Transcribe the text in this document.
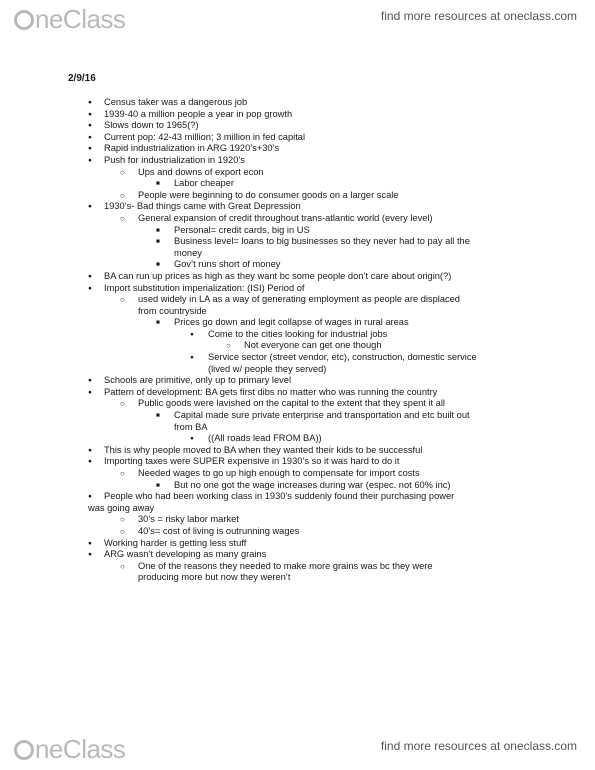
neClass	find more resources at oneclass.com
2/9/16
● Census taker was a dangerous job
● 1939-40 a million people a year in pop growth
● Slows down to 1965(?)
● Current pop: 42-43 million; 3 million in fed capital
● Rapid industrialization in ARG 1920’s+30’s
● Push for industrialization in 1920’s
○ Ups and downs of export econ
■ Labor cheaper
○ People were beginning to do consumer goods on a larger scale
● 1930’s- Bad things came with Great Depression
○ General expansion of credit throughout trans-atlantic world (every level)
■ Personal= credit cards, big in US
■ Business level= loans to big businesses so they never had to pay all the
money
■ Gov’t runs short of money
● BA can run up prices as high as they want bc some people don’t care about origin(?)
● Import substitution imperialization: (ISI) Period of
○ used widely in LA as a way of generating employment as people are displaced
from countryside
■ Prices go down and legit collapse of wages in rural areas
● Come to the cities looking for industrial jobs
○ Not everyone can get one though
● Service sector (street vendor, etc), construction, domestic service
(lived w/ people they served)
● Schools are primitive, only up to primary level
● Pattern of development: BA gets first dibs no matter who was running the country
○ Public goods were lavished on the capital to the extent that they spent it all
■ Capital made sure private enterprise and transportation and etc built out
from BA
● ((All roads lead FROM BA))
● This is why people moved to BA when they wanted their kids to be successful
● Importing taxes were SUPER expensive in 1930’s so it was hard to do it
○ Needed wages to go up high enough to compensate for import costs
■ But no one got the wage increases during war (espec. not 60% inc)
● People who had been working class in 1930’s suddenly found their purchasing power
was going away
○ 30’s = risky labor market
○ 40’s= cost of living is outrunning wages
● Working harder is getting less stuff
● ARG wasn’t developing as many grains
○ One of the reasons they needed to make more grains was bc they were
producing more but now they weren’t
neClass	find more resources at oneclass.com
